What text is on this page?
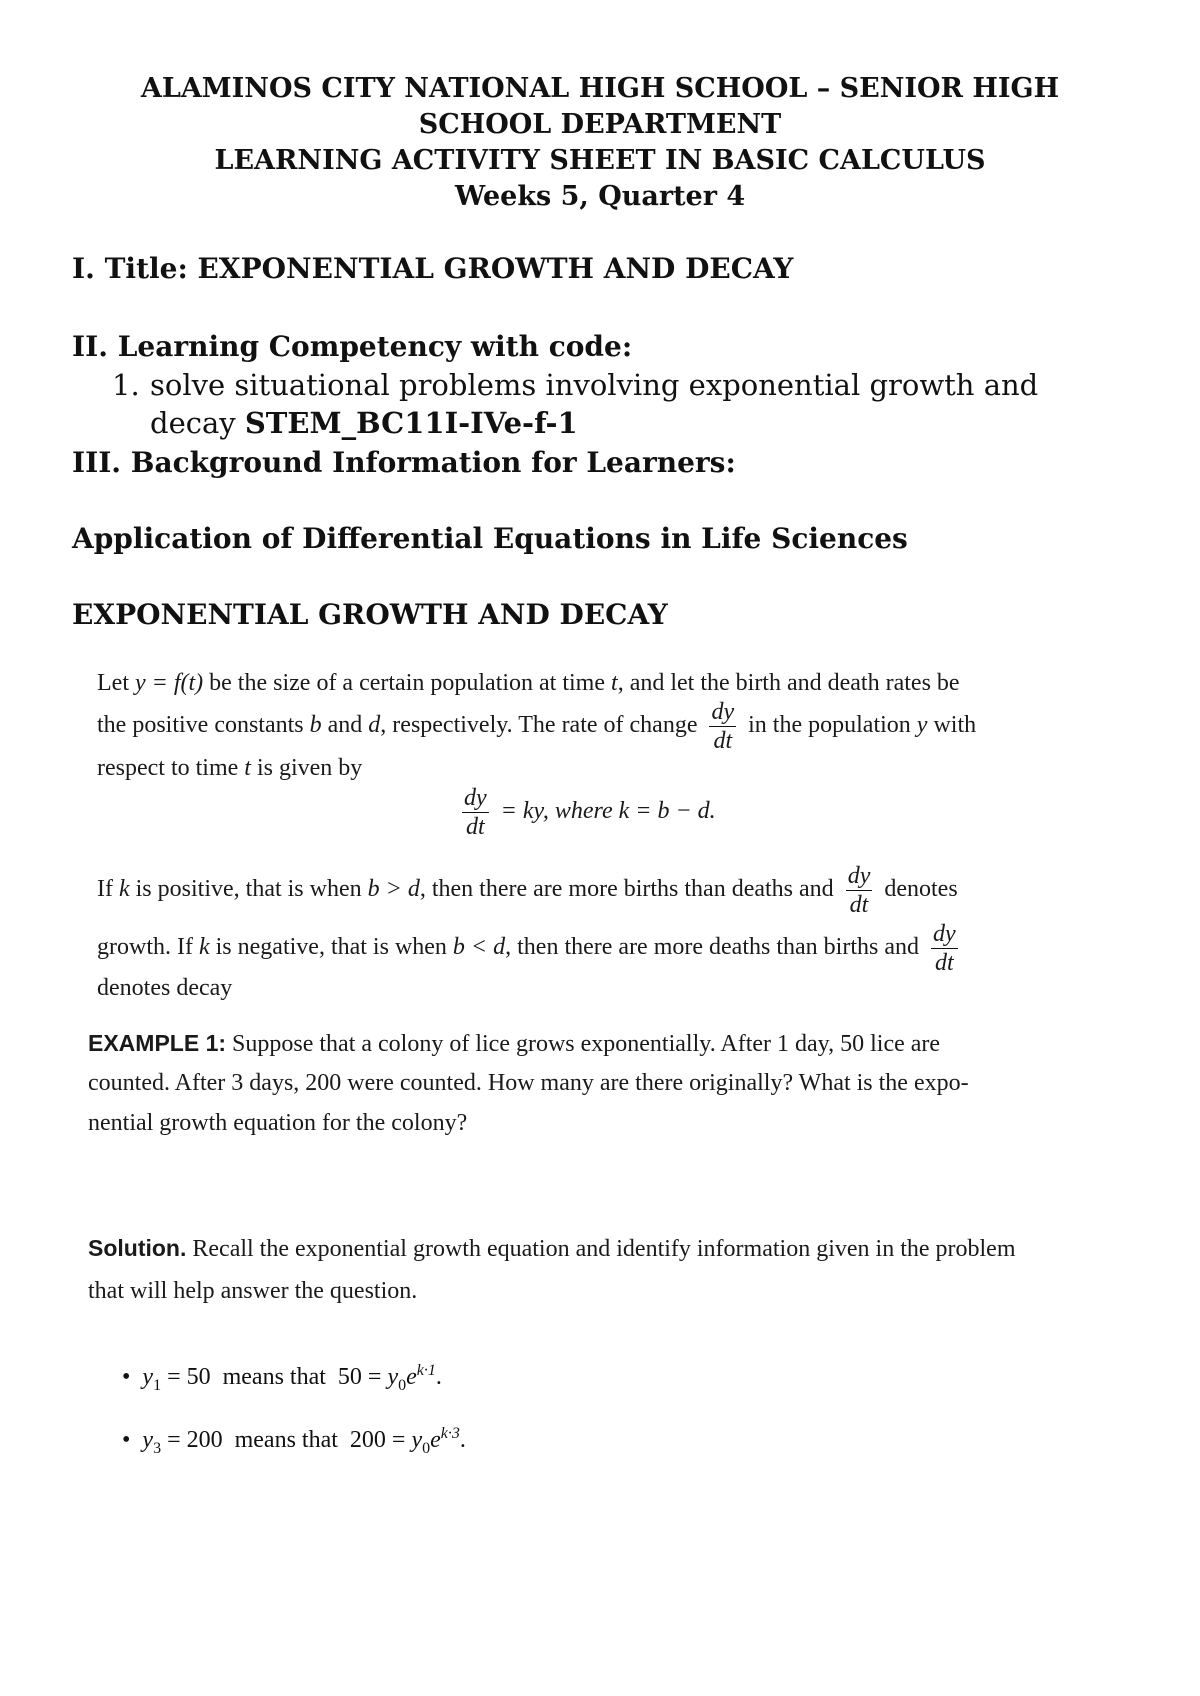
ALAMINOS CITY NATIONAL HIGH SCHOOL – SENIOR HIGH
SCHOOL DEPARTMENT
LEARNING ACTIVITY SHEET IN BASIC CALCULUS
Weeks 5, Quarter 4
I. Title: EXPONENTIAL GROWTH AND DECAY
II. Learning Competency with code:
1. solve situational problems involving exponential growth and
decay STEM_BC11I-IVe-f-1
III. Background Information for Learners:
Application of Differential Equations in Life Sciences
EXPONENTIAL GROWTH AND DECAY
Let y = f(t) be the size of a certain population at time t, and let the birth and death rates be
the positive constants b and d, respectively. The rate of change $\frac{dy}{dt}$ in the population y with
respect to time t is given by
$\frac{dy}{dt}$ = ky, where k = b − d.
If k is positive, that is when b > d, then there are more births than deaths and $\frac{dy}{dt}$ denotes
growth. If k is negative, that is when b < d, then there are more deaths than births and $\frac{dy}{dt}$
denotes decay
EXAMPLE 1: Suppose that a colony of lice grows exponentially. After 1 day, 50 lice are
counted. After 3 days, 200 were counted. How many are there originally? What is the expo-
nential growth equation for the colony?
Solution. Recall the exponential growth equation and identify information given in the problem
that will help answer the question.
• $y_1 = 50$  means that  $50 = y_0e^{k\cdot 1}$.
• $y_3 = 200$  means that  $200 = y_0e^{k\cdot 3}$.
